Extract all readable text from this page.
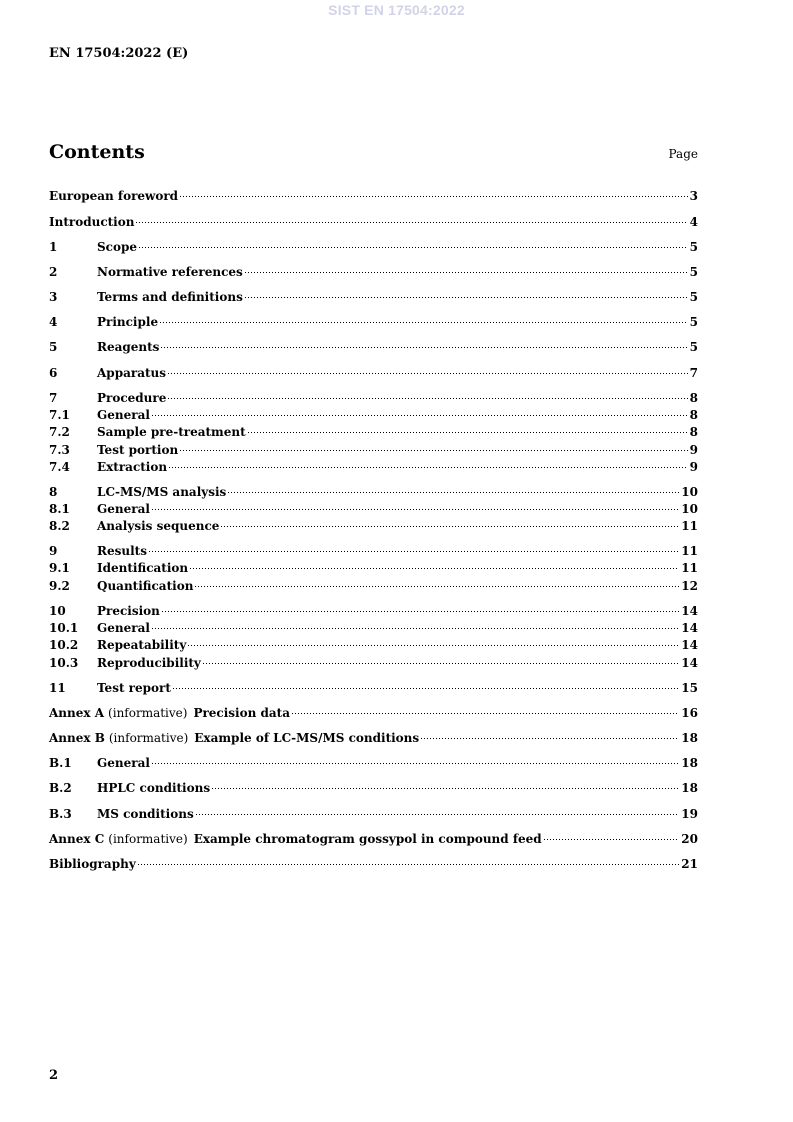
SIST EN 17504:2022
EN 17504:2022 (E)
Contents	Page
European foreword	3
Introduction	4
1	Scope	5
2	Normative references	5
3	Terms and definitions	5
4	Principle	5
5	Reagents	5
6	Apparatus	7
7	Procedure	8
7.1	General	8
7.2	Sample pre-treatment	8
7.3	Test portion	9
7.4	Extraction	9
8	LC-MS/MS analysis	10
8.1	General	10
8.2	Analysis sequence	11
9	Results	11
9.1	Identification	11
9.2	Quantification	12
10	Precision	14
10.1	General	14
10.2	Repeatability	14
10.3	Reproducibility	14
11	Test report	15
Annex A (informative) Precision data	16
Annex B (informative) Example of LC-MS/MS conditions	18
B.1	General	18
B.2	HPLC conditions	18
B.3	MS conditions	19
Annex C (informative) Example chromatogram gossypol in compound feed	20
Bibliography	21
2
